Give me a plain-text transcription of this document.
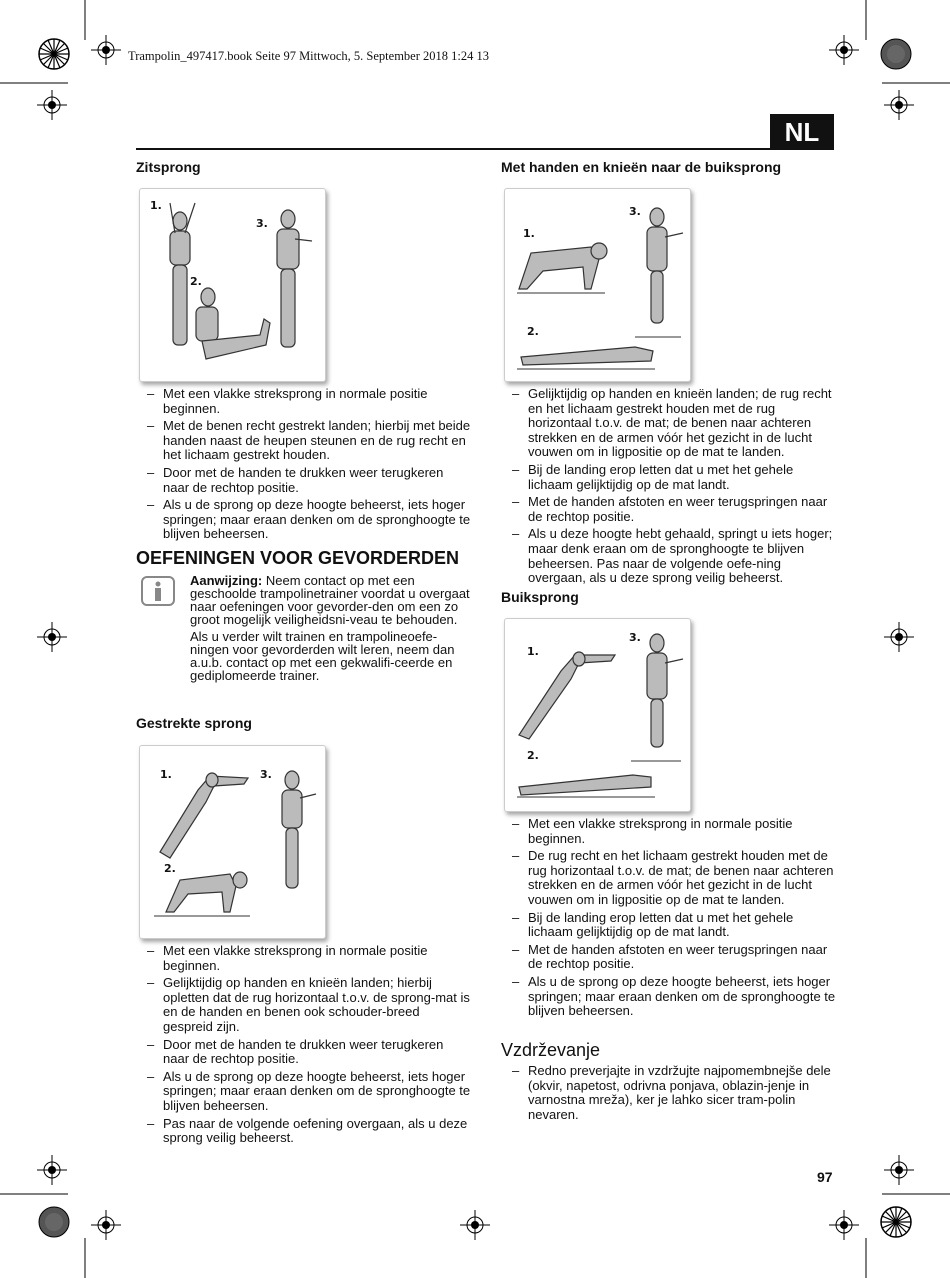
Trampolin_497417.book Seite 97 Mittwoch, 5. September 2018 1:24 13
NL
Zitsprong
1.
2.
3.
– Met een vlakke streksprong in normale positie beginnen.
– Met de benen recht gestrekt landen; hierbij met beide handen naast de heupen steunen en de rug recht en het lichaam gestrekt houden.
– Door met de handen te drukken weer terugkeren naar de rechtop positie.
– Als u de sprong op deze hoogte beheerst, iets hoger springen; maar eraan denken om de spronghoogte te blijven beheersen.
OEFENINGEN VOOR GEVORDERDEN

Aanwijzing: Neem contact op met een geschoolde trampolinetrainer voordat u overgaat naar oefeningen voor gevorder-den om een zo groot mogelijk veiligheidsni-veau te behouden.

Als u verder wilt trainen en trampolineoefe-ningen voor gevorderden wilt leren, neem dan a.u.b. contact op met een gekwalifi-ceerde en gediplomeerde trainer.

Gestrekte sprong
1.
2.
3.
– Met een vlakke streksprong in normale positie beginnen.
– Gelijktijdig op handen en knieën landen; hierbij opletten dat de rug horizontaal t.o.v. de sprong-mat is en de handen en benen ook schouder-breed gespreid zijn.
– Door met de handen te drukken weer terugkeren naar de rechtop positie.
– Als u de sprong op deze hoogte beheerst, iets hoger springen; maar eraan denken om de spronghoogte te blijven beheersen.
– Pas naar de volgende oefening overgaan, als u deze sprong veilig beheerst.
Met handen en knieën naar de buiksprong
1.
2.
3.
– Gelijktijdig op handen en knieën landen; de rug recht en het lichaam gestrekt houden met de rug horizontaal t.o.v. de mat; de benen naar achteren strekken en de armen vóór het gezicht in de lucht vouwen om in ligpositie op de mat te landen.
– Bij de landing erop letten dat u met het gehele lichaam gelijktijdig op de mat landt.
– Met de handen afstoten en weer terugspringen naar de rechtop positie.
– Als u deze hoogte hebt gehaald, springt u iets hoger; maar denk eraan om de spronghoogte te blijven beheersen. Pas naar de volgende oefe-ning overgaan, als u deze sprong veilig beheerst.
Buiksprong
1.
2.
3.
– Met een vlakke streksprong in normale positie beginnen.
– De rug recht en het lichaam gestrekt houden met de rug horizontaal t.o.v. de mat; de benen naar achteren strekken en de armen vóór het gezicht in de lucht vouwen om in ligpositie op de mat te landen.
– Bij de landing erop letten dat u met het gehele lichaam gelijktijdig op de mat landt.
– Met de handen afstoten en weer terugspringen naar de rechtop positie.
– Als u de sprong op deze hoogte beheerst, iets hoger springen; maar eraan denken om de spronghoogte te blijven beheersen.
Vzdrževanje
– Redno preverjajte in vzdržujte najpomembnejše dele (okvir, napetost, odrivna ponjava, oblazin-jenje in varnostna mreža), ker je lahko sicer tram-polin nevaren.
97
